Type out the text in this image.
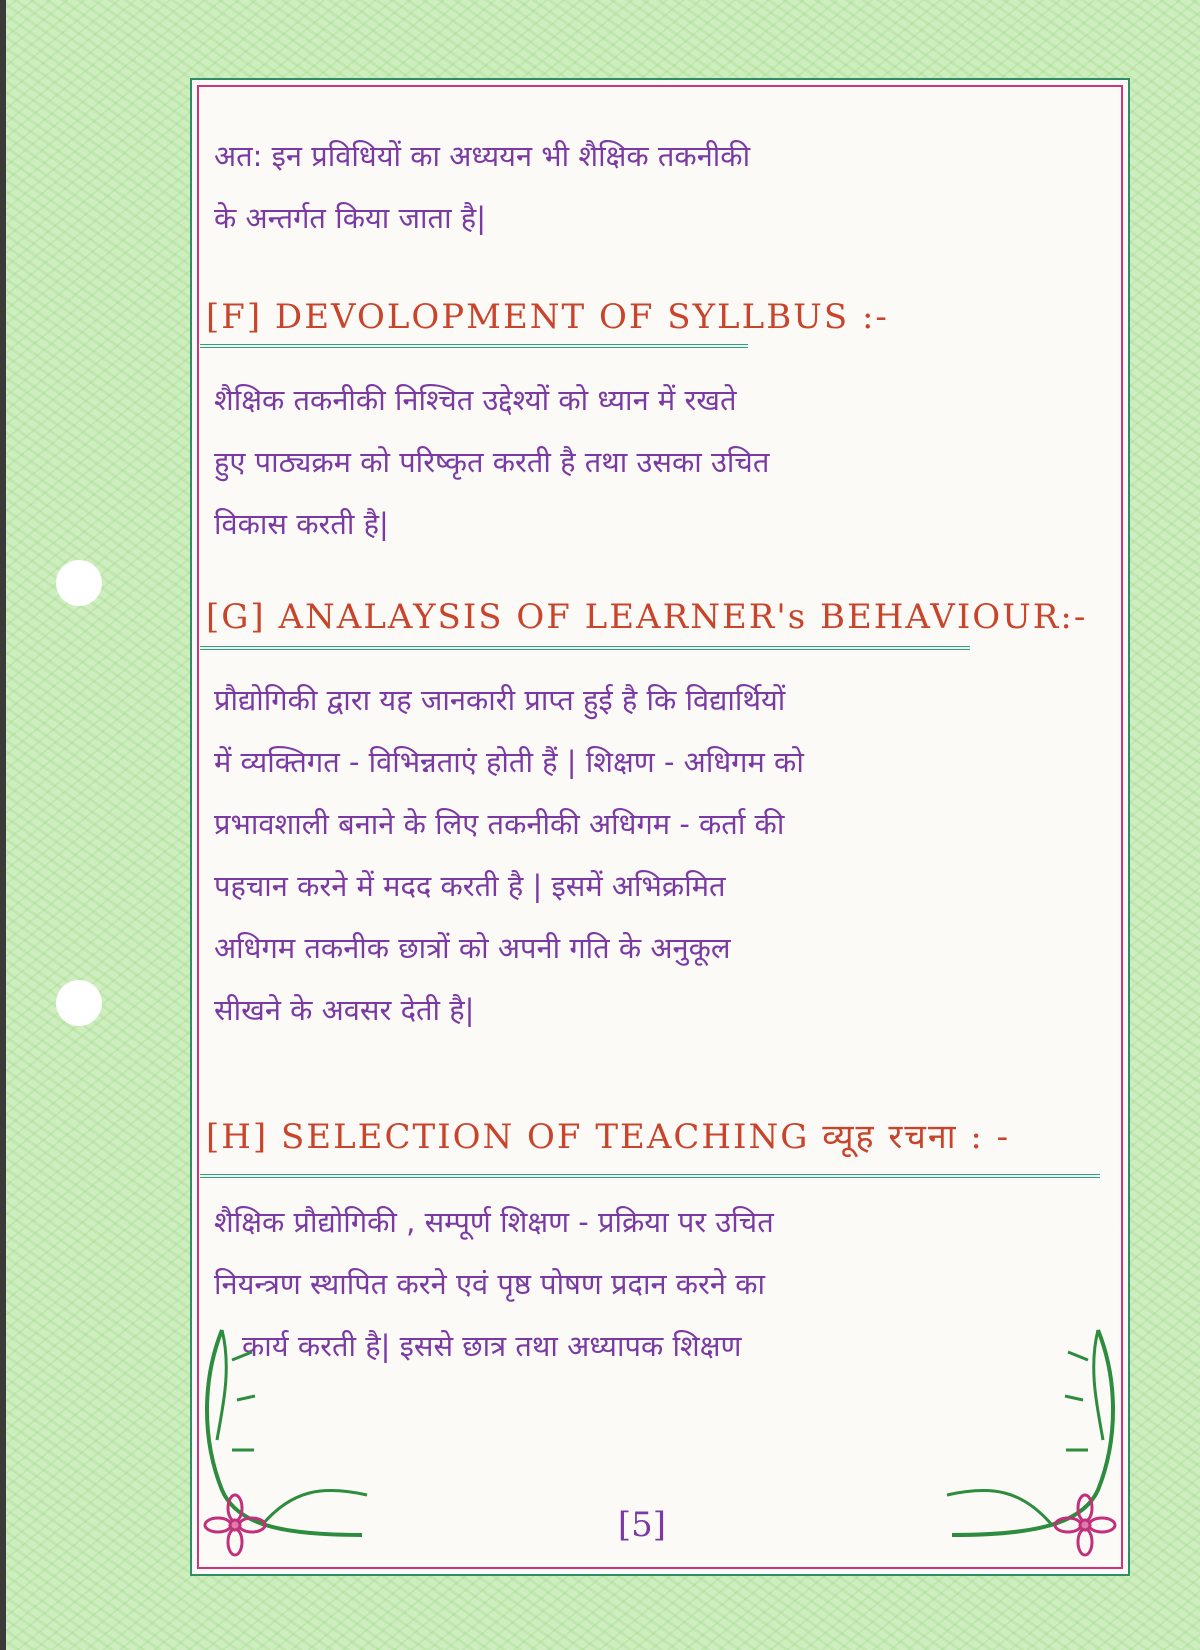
अत: इन प्रविधियों का अध्ययन भी शैक्षिक तकनीकी
के अन्तर्गत किया जाता है|
[F] DEVOLOPMENT OF SYLLBUS :-
शैक्षिक तकनीकी निश्चित उद्देश्यों को ध्यान में रखते
हुए पाठ्यक्रम को परिष्कृत करती है तथा उसका उचित
विकास करती है|
[G] ANALAYSIS OF LEARNER's BEHAVIOUR:-
प्रौद्योगिकी द्वारा यह जानकारी प्राप्त हुई है कि विद्यार्थियों
में व्यक्तिगत - विभिन्नताएं होती हैं | शिक्षण - अधिगम को
प्रभावशाली बनाने के लिए तकनीकी अधिगम - कर्ता की
पहचान करने में मदद करती है | इसमें अभिक्रमित
अधिगम तकनीक छात्रों को अपनी गति के अनुकूल
सीखने के अवसर देती है|
[H] SELECTION OF TEACHING व्यूह रचना : -
शैक्षिक प्रौद्योगिकी , सम्पूर्ण शिक्षण - प्रक्रिया पर उचित
नियन्त्रण स्थापित करने एवं पृष्ठ पोषण प्रदान करने का
कार्य करती है| इससे छात्र तथा अध्यापक शिक्षण
[5]
